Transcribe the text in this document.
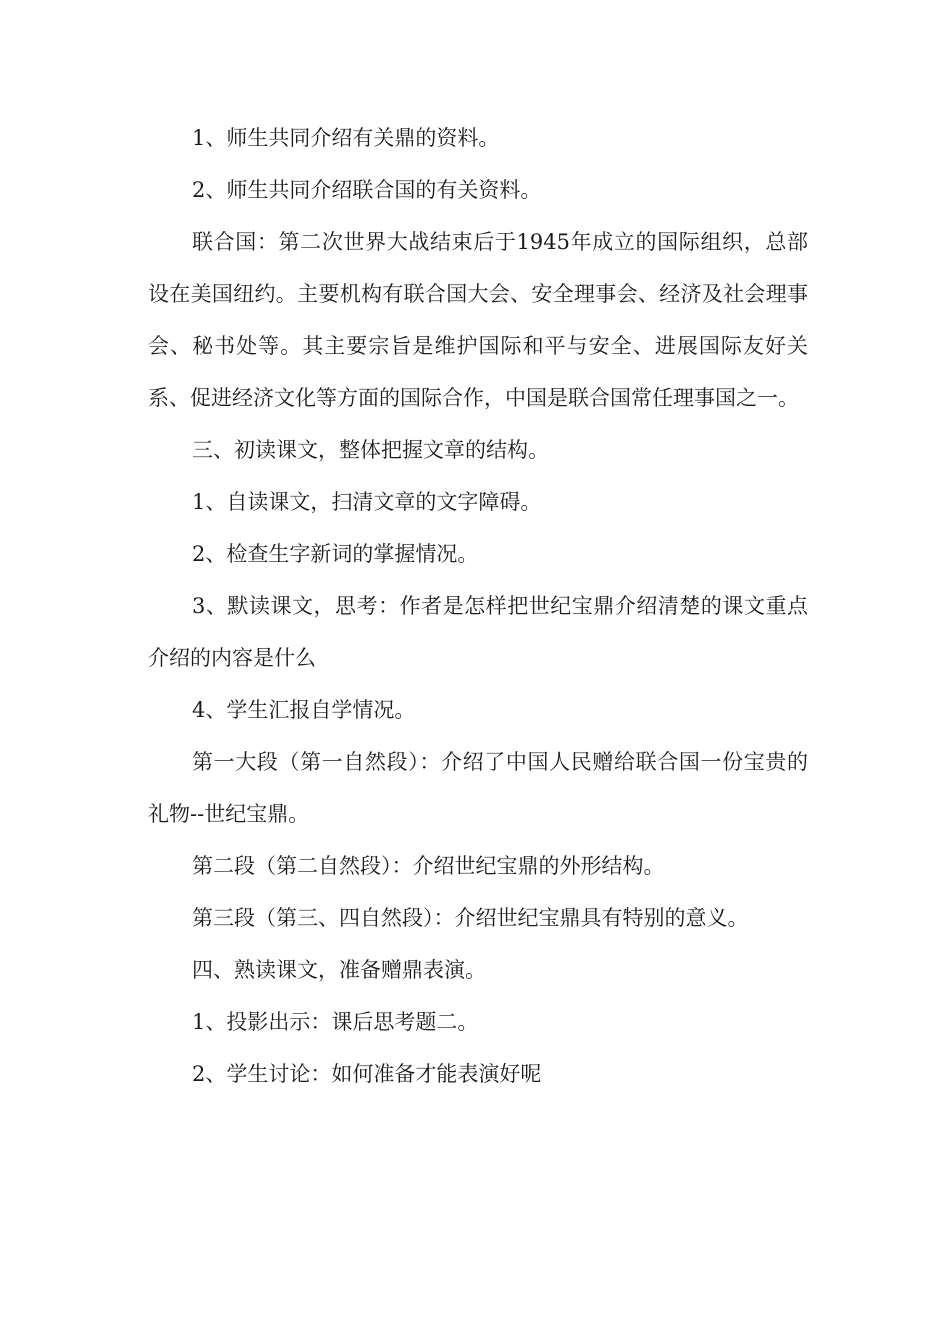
1、师生共同介绍有关鼎的资料。

2、师生共同介绍联合国的有关资料。

联合国：第二次世界大战结束后于1945年成立的国际组织，总部设在美国纽约。主要机构有联合国大会、安全理事会、经济及社会理事会、秘书处等。其主要宗旨是维护国际和平与安全、进展国际友好关系、促进经济文化等方面的国际合作，中国是联合国常任理事国之一。

三、初读课文，整体把握文章的结构。

1、自读课文，扫清文章的文字障碍。

2、检查生字新词的掌握情况。

3、默读课文，思考：作者是怎样把世纪宝鼎介绍清楚的课文重点介绍的内容是什么

4、学生汇报自学情况。

第一大段（第一自然段）：介绍了中国人民赠给联合国一份宝贵的礼物--世纪宝鼎。

第二段（第二自然段）：介绍世纪宝鼎的外形结构。

第三段（第三、四自然段）：介绍世纪宝鼎具有特别的意义。

四、熟读课文，准备赠鼎表演。

1、投影出示：课后思考题二。

2、学生讨论：如何准备才能表演好呢
